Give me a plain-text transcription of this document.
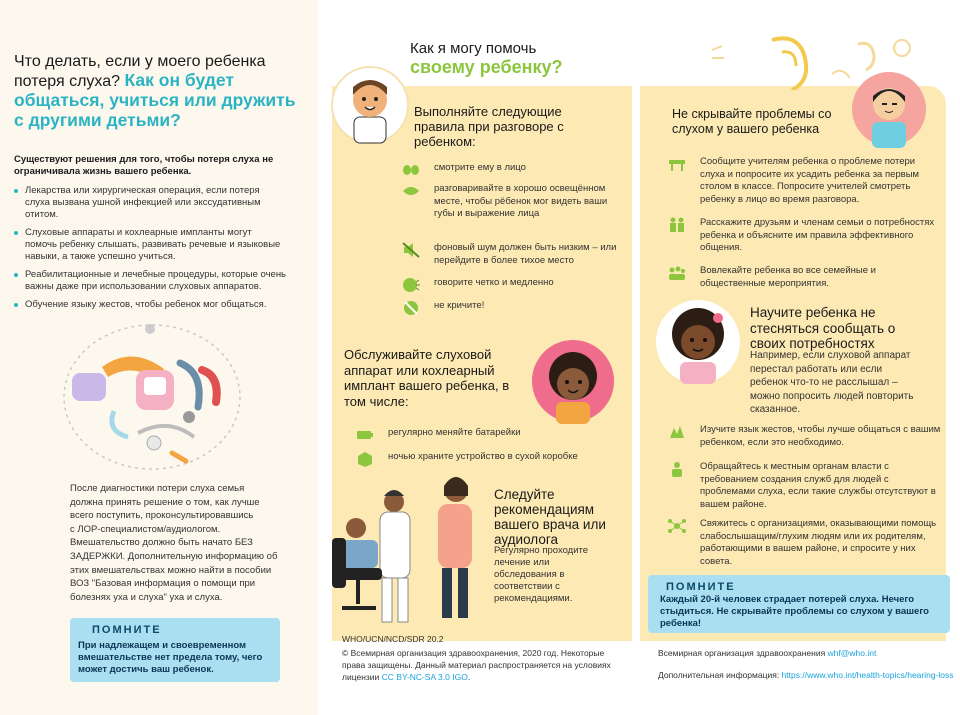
Что делать, если у моего ребенка потеря слуха? Как он будет общаться, учиться или дружить с другими детьми?
Существуют решения для того, чтобы потеря слуха не ограничивала жизнь вашего ребенка.
Лекарства или хирургическая операция, если потеря слуха вызвана ушной инфекцией или экссудативным отитом.
Слуховые аппараты и кохлеарные импланты могут помочь ребенку слышать, развивать речевые и языковые навыки, а также успешно учиться.
Реабилитационные и лечебные процедуры, которые очень важны даже при использовании слуховых аппаратов.
Обучение языку жестов, чтобы ребенок мог общаться.
После диагностики потери слуха семья
должна принять решение о том, как лучше
всего поступить, проконсультировавшись
с ЛОР-специалистом/аудиологом.
Вмешательство должно быть начато БЕЗ
ЗАДЕРЖКИ. Дополнительную информацию об
этих вмешательствах можно найти в пособии
ВОЗ "Базовая информация о помощи при
болезнях уха и слуха" уха и слуха.
ПОМНИТЕ
При надлежащем и своевременном вмешательстве нет предела тому, чего может достичь ваш ребенок.
Как я могу помочь
своему ребенку?
Выполняйте следующие правила при разговоре с ребенком:
смотрите ему в лицо
разговаривайте в хорошо освещённом месте, чтобы рёбенок мог видеть ваши губы и выражение лица
фоновый шум должен быть низким – или перейдите в более тихое место
говорите четко и медленно
не кричите!
Обслуживайте слуховой аппарат или кохлеарный имплант вашего ребенка, в том числе:
регулярно меняйте батарейки
ночью храните устройство в сухой коробке
Следуйте рекомендациям вашего врача или аудиолога
Регулярно проходите лечение или обследования в соответствии с рекомендациями.
WHO/UCN/NCD/SDR 20.2
© Всемирная организация здравоохранения, 2020 год. Некоторые права защищены. Данный материал распространяется на условиях лицензии CC BY-NC-SA 3.0 IGO.
Не скрывайте проблемы со слухом у вашего ребенка
Сообщите учителям ребенка о проблеме потери слуха и попросите их усадить ребенка за первым столом в классе. Попросите учителей смотреть ребенку в лицо во время разговора.
Расскажите друзьям и членам семьи о потребностях ребенка и объясните им правила эффективного общения.
Вовлекайте ребенка во все семейные и общественные мероприятия.
Научите ребенка не стесняться сообщать о своих потребностях
Например, если слуховой аппарат перестал работать или если ребенок что-то не расслышал – можно попросить людей повторить сказанное.
Изучите язык жестов, чтобы лучше общаться с вашим ребенком, если это необходимо.
Обращайтесь к местным органам власти с требованием создания служб для людей с проблемами слуха, если такие службы отсутствуют в вашем районе.
Свяжитесь с организациями, оказывающими помощь слабослышащим/глухим людям или их родителям, работающими в вашем районе, и спросите у них совета.
ПОМНИТЕ
Каждый 20-й человек страдает потерей слуха. Нечего стыдиться. Не скрывайте проблемы со слухом у вашего ребенка!
Всемирная организация здравоохранения whf@who.int
Дополнительная информация: https://www.who.int/health-topics/hearing-loss
